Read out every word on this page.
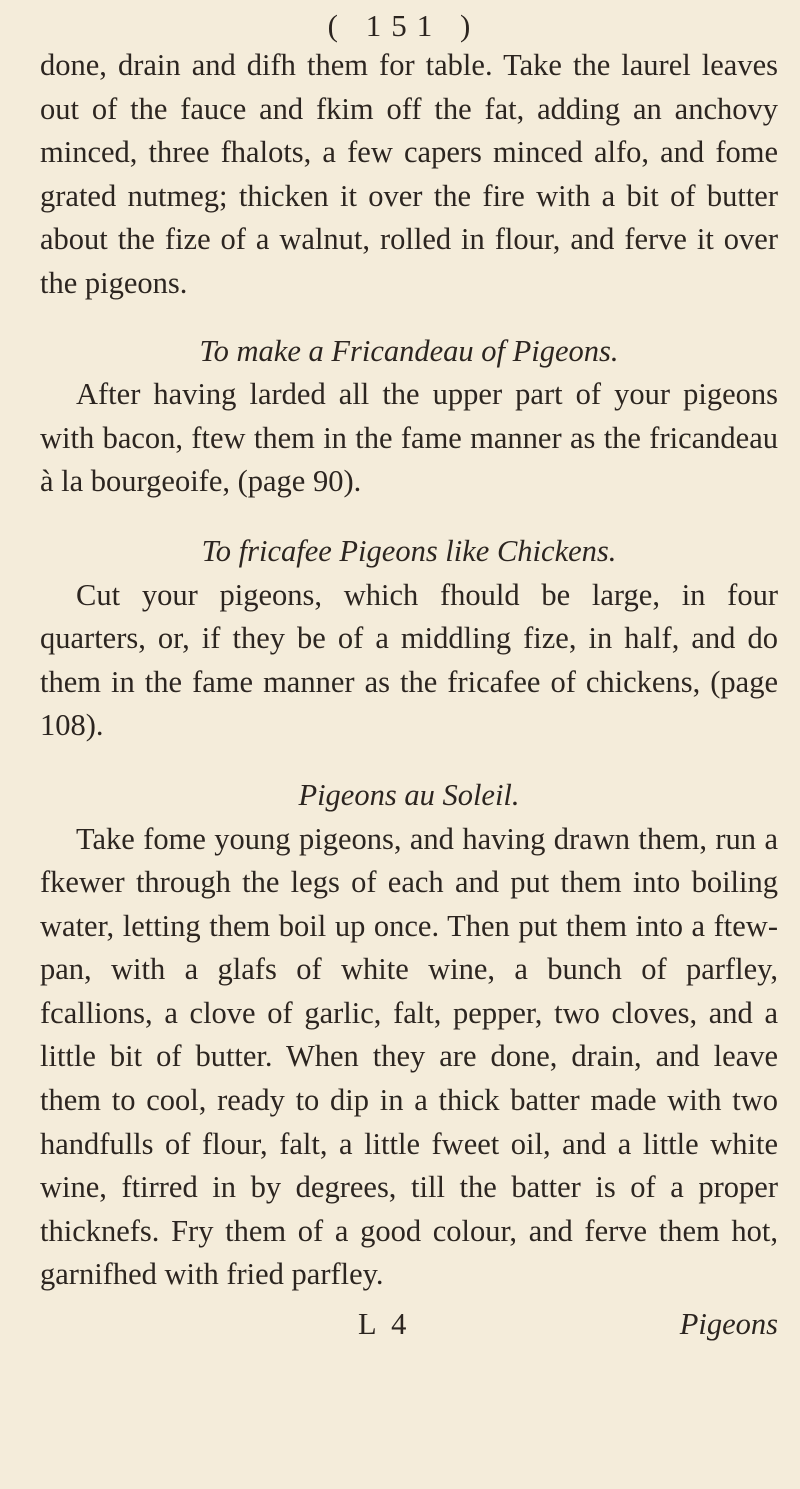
( 151 )

done, drain and difh them for table. Take the laurel leaves out of the fauce and fkim off the fat, adding an anchovy minced, three fhalots, a few capers minced alfo, and fome grated nutmeg; thicken it over the fire with a bit of butter about the fize of a walnut, rolled in flour, and ferve it over the pigeons.

To make a Fricandeau of Pigeons.

After having larded all the upper part of your pigeons with bacon, ftew them in the fame manner as the fricandeau à la bourgeoife, (page 90).

To fricafee Pigeons like Chickens.

Cut your pigeons, which fhould be large, in four quarters, or, if they be of a middling fize, in half, and do them in the fame manner as the fricafee of chickens, (page 108).

Pigeons au Soleil.

Take fome young pigeons, and having drawn them, run a fkewer through the legs of each and put them into boiling water, letting them boil up once. Then put them into a ftew-pan, with a glafs of white wine, a bunch of parfley, fcallions, a clove of garlic, falt, pepper, two cloves, and a little bit of butter. When they are done, drain, and leave them to cool, ready to dip in a thick batter made with two handfulls of flour, falt, a little fweet oil, and a little white wine, ftirred in by degrees, till the batter is of a proper thicknefs. Fry them of a good colour, and ferve them hot, garnifhed with fried parfley.

L 4	Pigeons
